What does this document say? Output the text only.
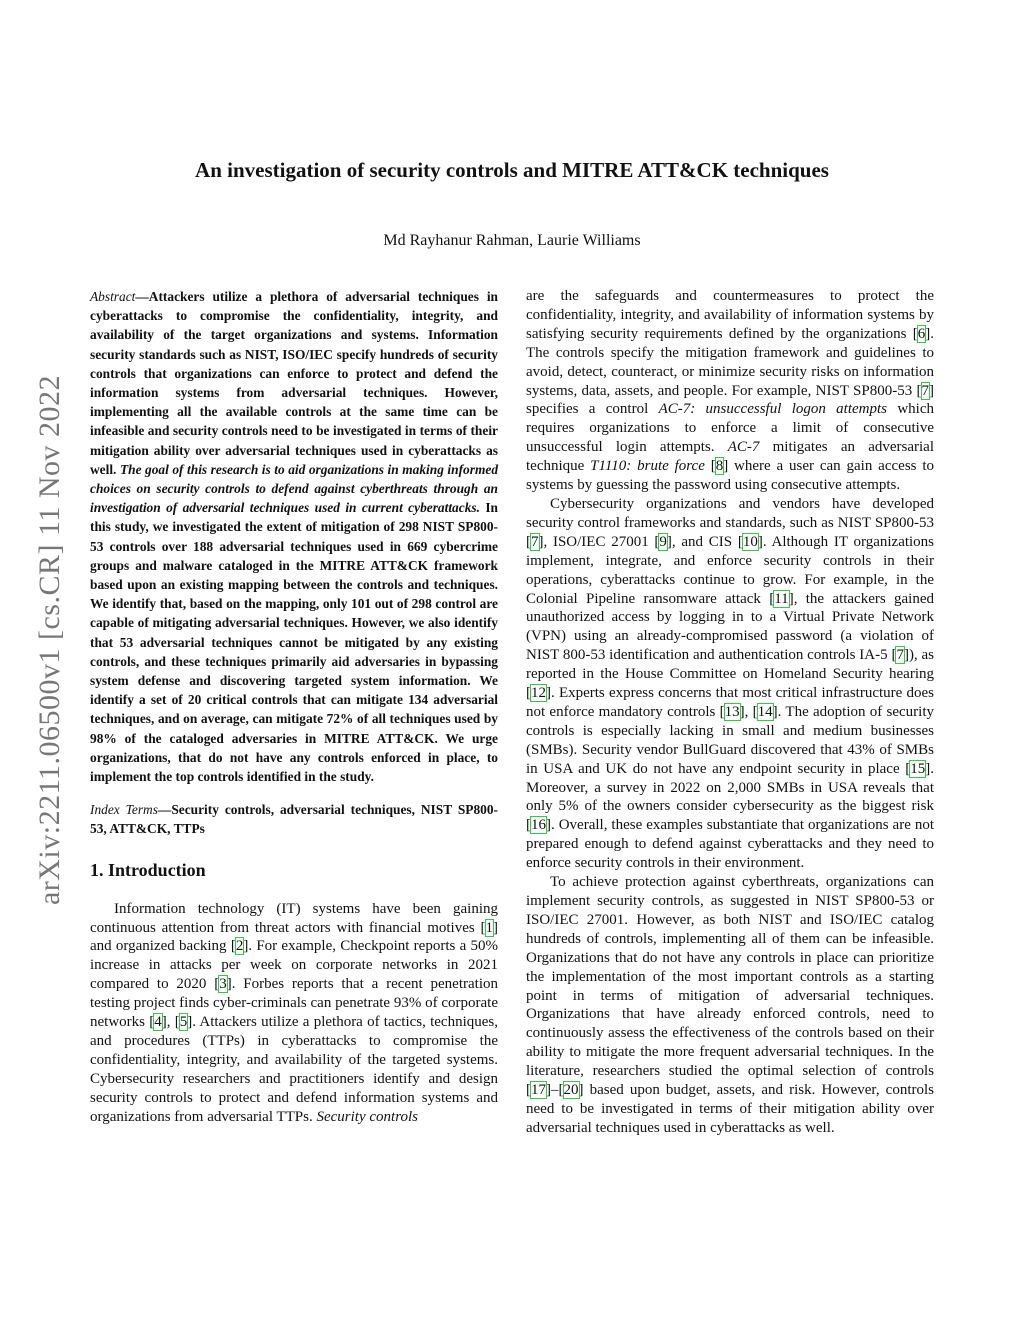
arXiv:2211.06500v1 [cs.CR] 11 Nov 2022
An investigation of security controls and MITRE ATT&CK techniques
Md Rayhanur Rahman, Laurie Williams

Abstract—Attackers utilize a plethora of adversarial techniques in cyberattacks to compromise the confidentiality, integrity, and availability of the target organizations and systems. Information security standards such as NIST, ISO/IEC specify hundreds of security controls that organizations can enforce to protect and defend the information systems from adversarial techniques. However, implementing all the available controls at the same time can be infeasible and security controls need to be investigated in terms of their mitigation ability over adversarial techniques used in cyberattacks as well. The goal of this research is to aid organizations in making informed choices on security controls to defend against cyberthreats through an investigation of adversarial techniques used in current cyberattacks. In this study, we investigated the extent of mitigation of 298 NIST SP800-53 controls over 188 adversarial techniques used in 669 cybercrime groups and malware cataloged in the MITRE ATT&CK framework based upon an existing mapping between the controls and techniques. We identify that, based on the mapping, only 101 out of 298 control are capable of mitigating adversarial techniques. However, we also identify that 53 adversarial techniques cannot be mitigated by any existing controls, and these techniques primarily aid adversaries in bypassing system defense and discovering targeted system information. We identify a set of 20 critical controls that can mitigate 134 adversarial techniques, and on average, can mitigate 72% of all techniques used by 98% of the cataloged adversaries in MITRE ATT&CK. We urge organizations, that do not have any controls enforced in place, to implement the top controls identified in the study.

Index Terms—Security controls, adversarial techniques, NIST SP800-53, ATT&CK, TTPs

1. Introduction

Information technology (IT) systems have been gaining continuous attention from threat actors with financial motives [1] and organized backing [2]. For example, Checkpoint reports a 50% increase in attacks per week on corporate networks in 2021 compared to 2020 [3]. Forbes reports that a recent penetration testing project finds cyber-criminals can penetrate 93% of corporate networks [4], [5]. Attackers utilize a plethora of tactics, techniques, and procedures (TTPs) in cyberattacks to compromise the confidentiality, integrity, and availability of the targeted systems. Cybersecurity researchers and practitioners identify and design security controls to protect and defend information systems and organizations from adversarial TTPs. Security controls

are the safeguards and countermeasures to protect the confidentiality, integrity, and availability of information systems by satisfying security requirements defined by the organizations [6]. The controls specify the mitigation framework and guidelines to avoid, detect, counteract, or minimize security risks on information systems, data, assets, and people. For example, NIST SP800-53 [7] specifies a control AC-7: unsuccessful logon attempts which requires organizations to enforce a limit of consecutive unsuccessful login attempts. AC-7 mitigates an adversarial technique T1110: brute force [8] where a user can gain access to systems by guessing the password using consecutive attempts.

Cybersecurity organizations and vendors have developed security control frameworks and standards, such as NIST SP800-53 [7], ISO/IEC 27001 [9], and CIS [10]. Although IT organizations implement, integrate, and enforce security controls in their operations, cyberattacks continue to grow. For example, in the Colonial Pipeline ransomware attack [11], the attackers gained unauthorized access by logging in to a Virtual Private Network (VPN) using an already-compromised password (a violation of NIST 800-53 identification and authentication controls IA-5 [7]), as reported in the House Committee on Homeland Security hearing [12]. Experts express concerns that most critical infrastructure does not enforce mandatory controls [13], [14]. The adoption of security controls is especially lacking in small and medium businesses (SMBs). Security vendor BullGuard discovered that 43% of SMBs in USA and UK do not have any endpoint security in place [15]. Moreover, a survey in 2022 on 2,000 SMBs in USA reveals that only 5% of the owners consider cybersecurity as the biggest risk [16]. Overall, these examples substantiate that organizations are not prepared enough to defend against cyberattacks and they need to enforce security controls in their environment.

To achieve protection against cyberthreats, organizations can implement security controls, as suggested in NIST SP800-53 or ISO/IEC 27001. However, as both NIST and ISO/IEC catalog hundreds of controls, implementing all of them can be infeasible. Organizations that do not have any controls in place can prioritize the implementation of the most important controls as a starting point in terms of mitigation of adversarial techniques. Organizations that have already enforced controls, need to continuously assess the effectiveness of the controls based on their ability to mitigate the more frequent adversarial techniques. In the literature, researchers studied the optimal selection of controls [17]–[20] based upon budget, assets, and risk. However, controls need to be investigated in terms of their mitigation ability over adversarial techniques used in cyberattacks as well.
